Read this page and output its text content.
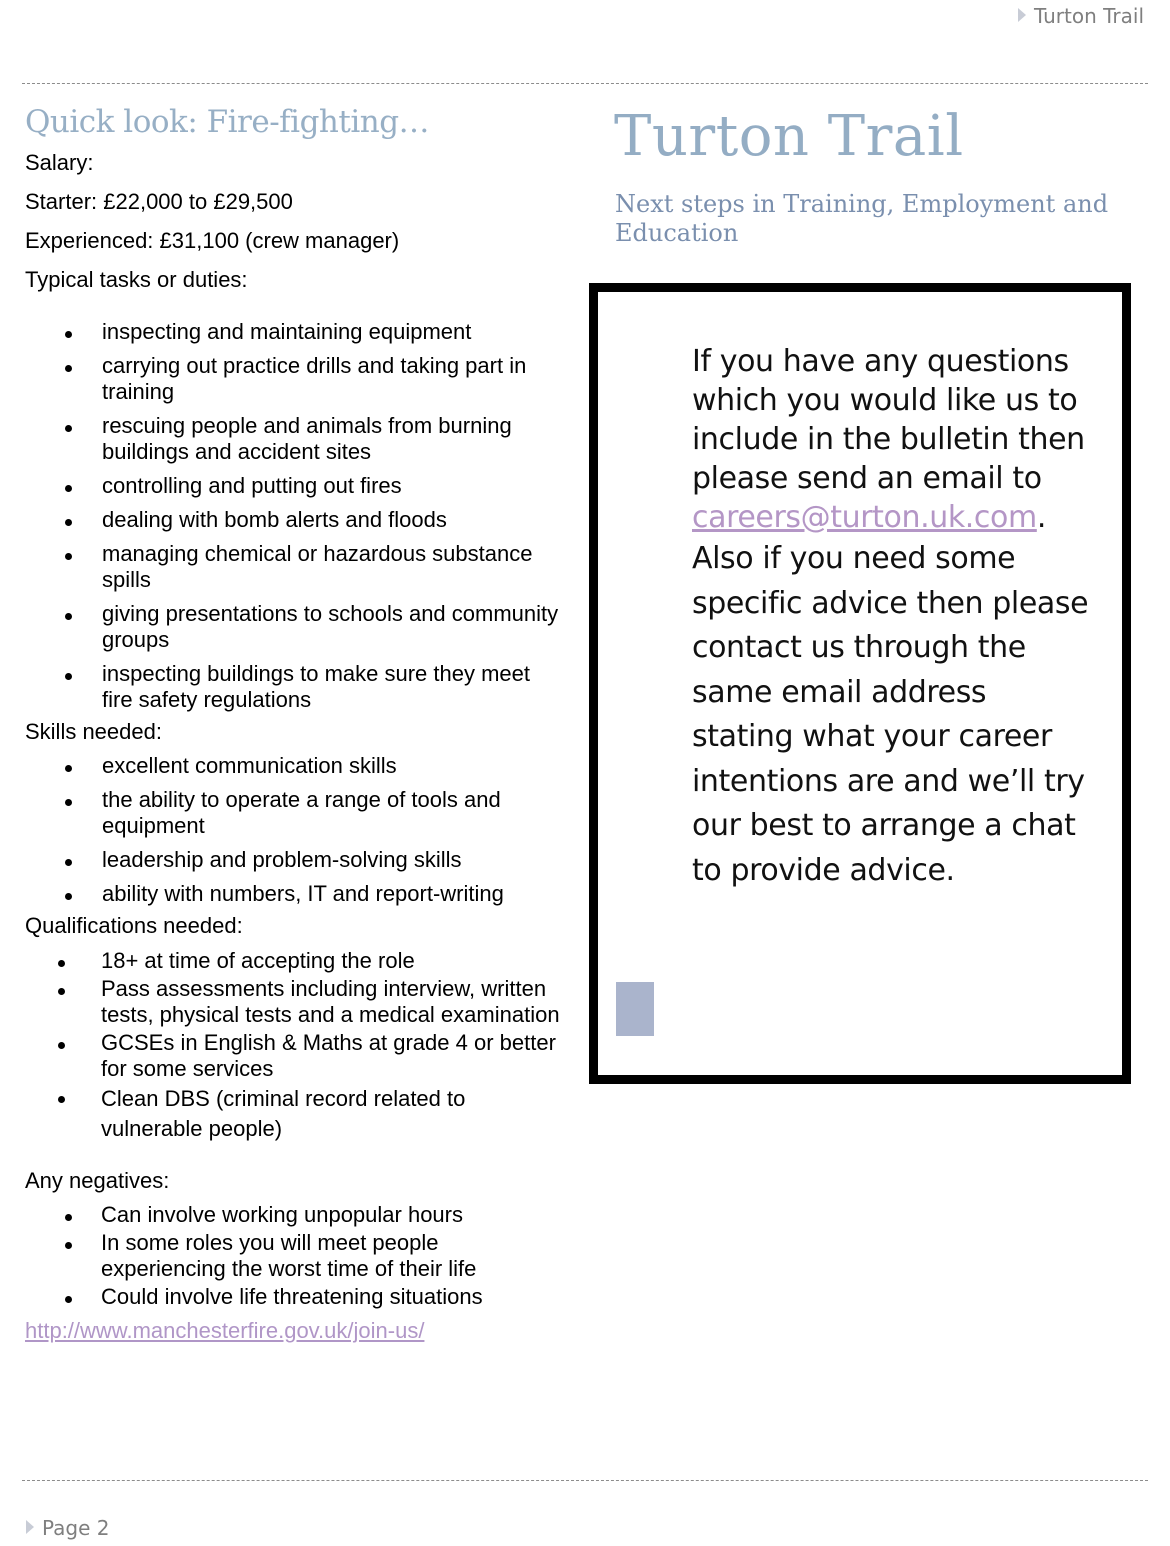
Turton Trail
Quick look: Fire-fighting…

Salary:

Starter: £22,000 to £29,500

Experienced: £31,100 (crew manager)

Typical tasks or duties:

inspecting and maintaining equipment
carrying out practice drills and taking part in training
rescuing people and animals from burning buildings and accident sites
controlling and putting out fires
dealing with bomb alerts and floods
managing chemical or hazardous substance spills
giving presentations to schools and community groups
inspecting buildings to make sure they meet fire safety regulations

Skills needed:

excellent communication skills
the ability to operate a range of tools and equipment
leadership and problem-solving skills
ability with numbers, IT and report-writing

Qualifications needed:

18+ at time of accepting the role
Pass assessments including interview, written tests, physical tests and a medical examination
GCSEs in English & Maths at grade 4 or better for some services
Clean DBS (criminal record related to vulnerable people)

Any negatives:

Can involve working unpopular hours
In some roles you will meet people experiencing the worst time of their life
Could involve life threatening situations
http://www.manchesterfire.gov.uk/join-us/
Turton Trail
Next steps in Training, Employment and Education
If you have any questions which you would like us to include in the bulletin then please send an email to careers@turton.uk.com.
Also if you need some specific advice then please contact us through the same email address stating what your career intentions are and we’ll try our best to arrange a chat to provide advice.
Page 2
